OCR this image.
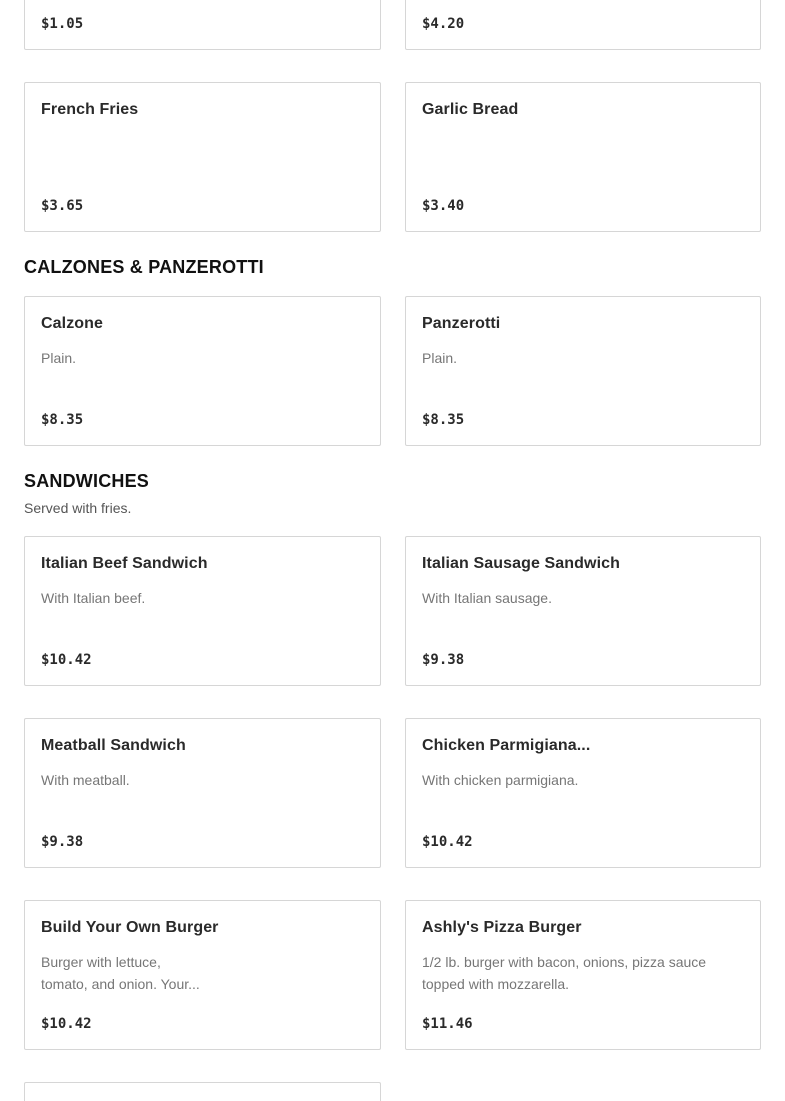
$1.05	$4.20
French Fries
$3.65
Garlic Bread
$3.40
CALZONES & PANZEROTTI
Calzone
Plain.
$8.35
Panzerotti
Plain.
$8.35
SANDWICHES
Served with fries.
Italian Beef Sandwich
With Italian beef.
$10.42
Italian Sausage Sandwich
With Italian sausage.
$9.38
Meatball Sandwich
With meatball.
$9.38
Chicken Parmigiana...
With chicken parmigiana.
$10.42
Build Your Own Burger
Burger with lettuce, tomato, and onion. Your...
$10.42
Ashly's Pizza Burger
1/2 lb. burger with bacon, onions, pizza sauce topped with mozzarella.
$11.46
